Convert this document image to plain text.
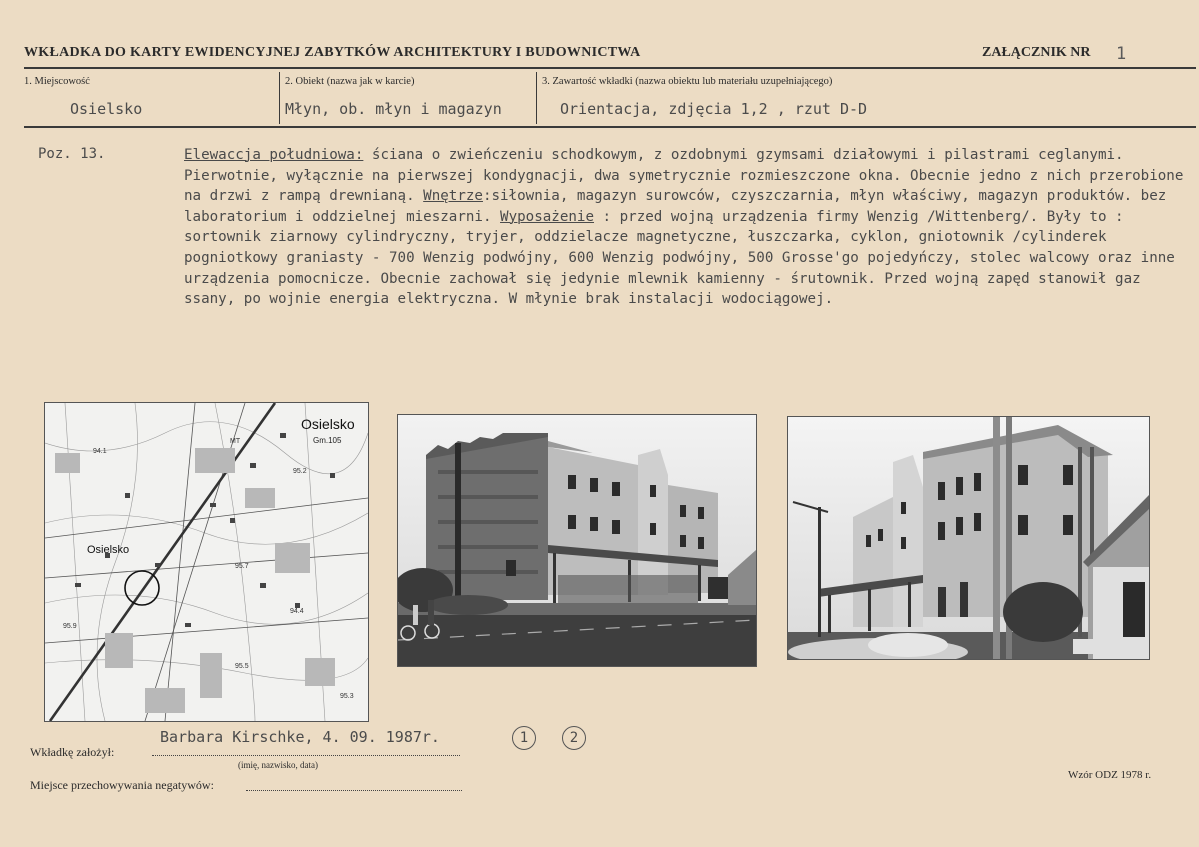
WKŁADKA DO KARTY EWIDENCYJNEJ ZABYTKÓW ARCHITEKTURY I BUDOWNICTWA	ZAŁĄCZNIK NR 1
1. Miejscowość	2. Obiekt (nazwa jak w karcie)	3. Zawartość wkładki (nazwa obiektu lub materiału uzupełniającego)
Osielsko	Młyn, ob. młyn i magazyn	Orientacja, zdjęcia 1,2 , rzut D-D
Poz. 13.	Elewaccja południowa: ściana o zwieńczeniu schodkowym, z ozdobnymi gzymsami działowymi i pilastrami ceglanymi. Pierwotnie, wyłącznie na pierwszej kondygnacji, dwa symetrycznie rozmieszczone okna. Obecnie jedno z nich przerobione na drzwi z rampą drewnianą. Wnętrze:siłownia, magazyn surowców, czyszczarnia, młyn właściwy, magazyn produktów. bez laboratorium i oddzielnej mieszarni. Wyposażenie : przed wojną urządzenia firmy Wenzig /Wittenberg/. Były to : sortownik ziarnowy cylindryczny, tryjer, oddzielacze magnetyczne, łuszczarka, cyklon, gniotownik /cylinderek pogniotkowy graniasty - 700 Wenzig podwójny, 600 Wenzig podwójny, 500 Grosse'go pojedyńczy, stolec walcowy oraz inne urządzenia pomocnicze. Obecnie zachował się jedynie mlewnik kamienny - śrutownik. Przed wojną zapęd stanowił gaz ssany, po wojnie energia elektryczna. W młynie brak instalacji wodociągowej.
Osielsko
Gm.105
Osielsko
94.1
95.2
95.7
95.5
94.4
95.9
MT
95.3
Wkładkę założył:
Barbara Kirschke, 4. 09. 1987r.	1	2
(imię, nazwisko, data)
Miejsce przechowywania negatywów:
Wzór ODZ 1978 r.
